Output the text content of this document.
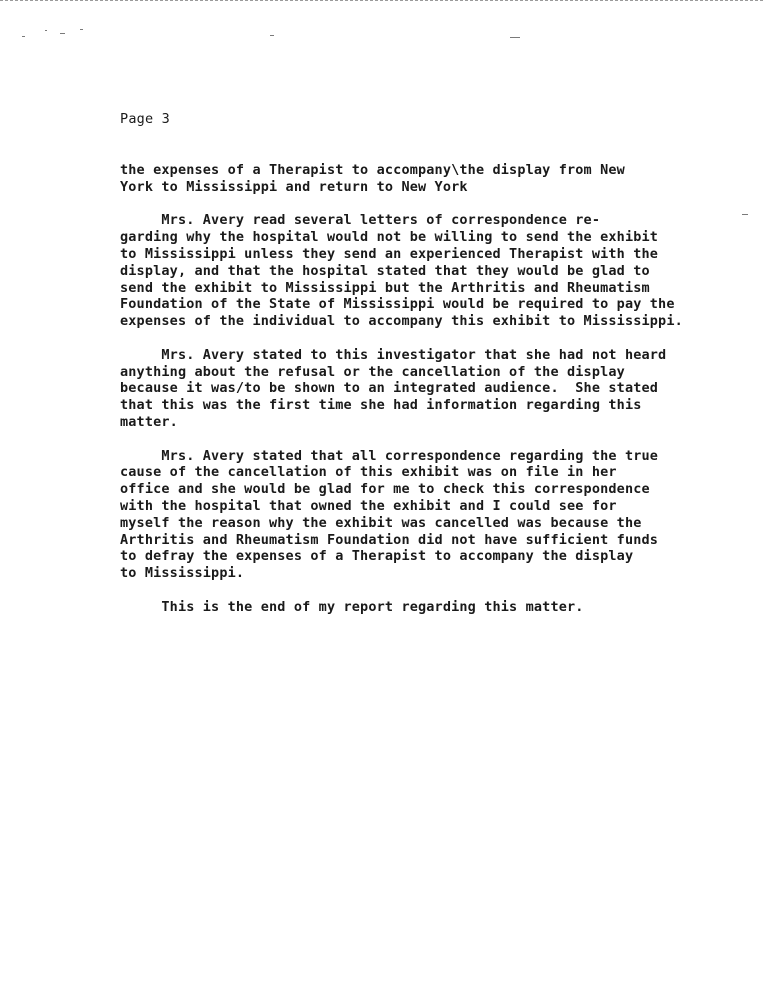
Page 3
the expenses of a Therapist to accompany\the display from New
York to Mississippi and return to New York
Mrs. Avery read several letters of correspondence re-
garding why the hospital would not be willing to send the exhibit
to Mississippi unless they send an experienced Therapist with the
display, and that the hospital stated that they would be glad to
send the exhibit to Mississippi but the Arthritis and Rheumatism
Foundation of the State of Mississippi would be required to pay the
expenses of the individual to accompany this exhibit to Mississippi.
Mrs. Avery stated to this investigator that she had not heard
anything about the refusal or the cancellation of the display
because it was/to be shown to an integrated audience.  She stated
that this was the first time she had information regarding this
matter.
Mrs. Avery stated that all correspondence regarding the true
cause of the cancellation of this exhibit was on file in her
office and she would be glad for me to check this correspondence
with the hospital that owned the exhibit and I could see for
myself the reason why the exhibit was cancelled was because the
Arthritis and Rheumatism Foundation did not have sufficient funds
to defray the expenses of a Therapist to accompany the display
to Mississippi.
This is the end of my report regarding this matter.
